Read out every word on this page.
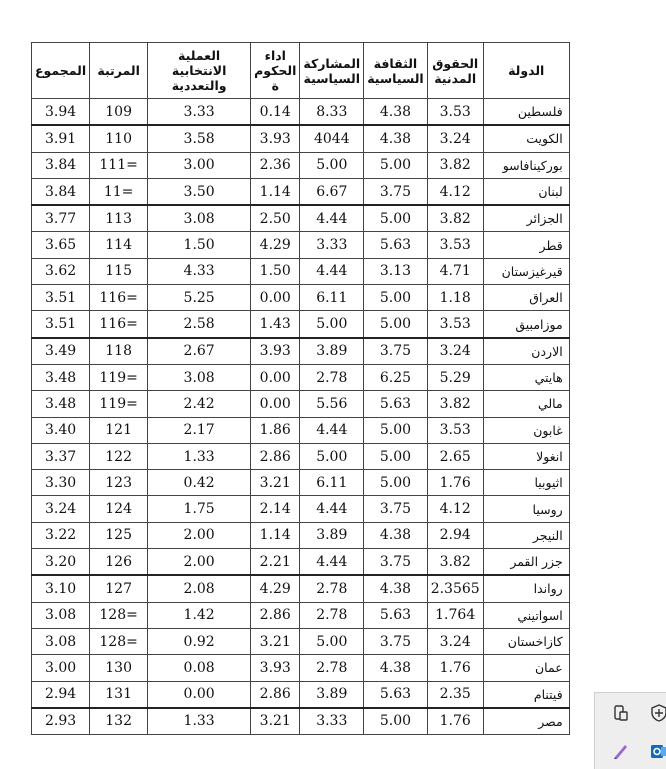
المجموع	المرتبة	العملية الانتخابية والتعددية	اداء الحكوم ة	المشاركة السياسية	الثقافة السياسية	الحقوق المدنية	الدولة
3.94	109	3.33	0.14	8.33	4.38	3.53	فلسطين
3.91	110	3.58	3.93	4044	4.38	3.24	الكويت
3.84	111=	3.00	2.36	5.00	5.00	3.82	بوركينافاسو
3.84	11=	3.50	1.14	6.67	3.75	4.12	لبنان
3.77	113	3.08	2.50	4.44	5.00	3.82	الجزائر
3.65	114	1.50	4.29	3.33	5.63	3.53	قطر
3.62	115	4.33	1.50	4.44	3.13	4.71	قيرغيزستان
3.51	116=	5.25	0.00	6.11	5.00	1.18	العراق
3.51	116=	2.58	1.43	5.00	5.00	3.53	موزامبيق
3.49	118	2.67	3.93	3.89	3.75	3.24	الاردن
3.48	119=	3.08	0.00	2.78	6.25	5.29	هايتي
3.48	119=	2.42	0.00	5.56	5.63	3.82	مالي
3.40	121	2.17	1.86	4.44	5.00	3.53	غابون
3.37	122	1.33	2.86	5.00	5.00	2.65	انغولا
3.30	123	0.42	3.21	6.11	5.00	1.76	اثيوبيا
3.24	124	1.75	2.14	4.44	3.75	4.12	روسيا
3.22	125	2.00	1.14	3.89	4.38	2.94	النيجر
3.20	126	2.00	2.21	4.44	3.75	3.82	جزر القمر
3.10	127	2.08	4.29	2.78	4.38	2.3565	رواندا
3.08	128=	1.42	2.86	2.78	5.63	1.764	اسواتيني
3.08	128=	0.92	3.21	5.00	3.75	3.24	كازاخستان
3.00	130	0.08	3.93	2.78	4.38	1.76	عمان
2.94	131	0.00	2.86	3.89	5.63	2.35	فيتنام
2.93	132	1.33	3.21	3.33	5.00	1.76	مصر
